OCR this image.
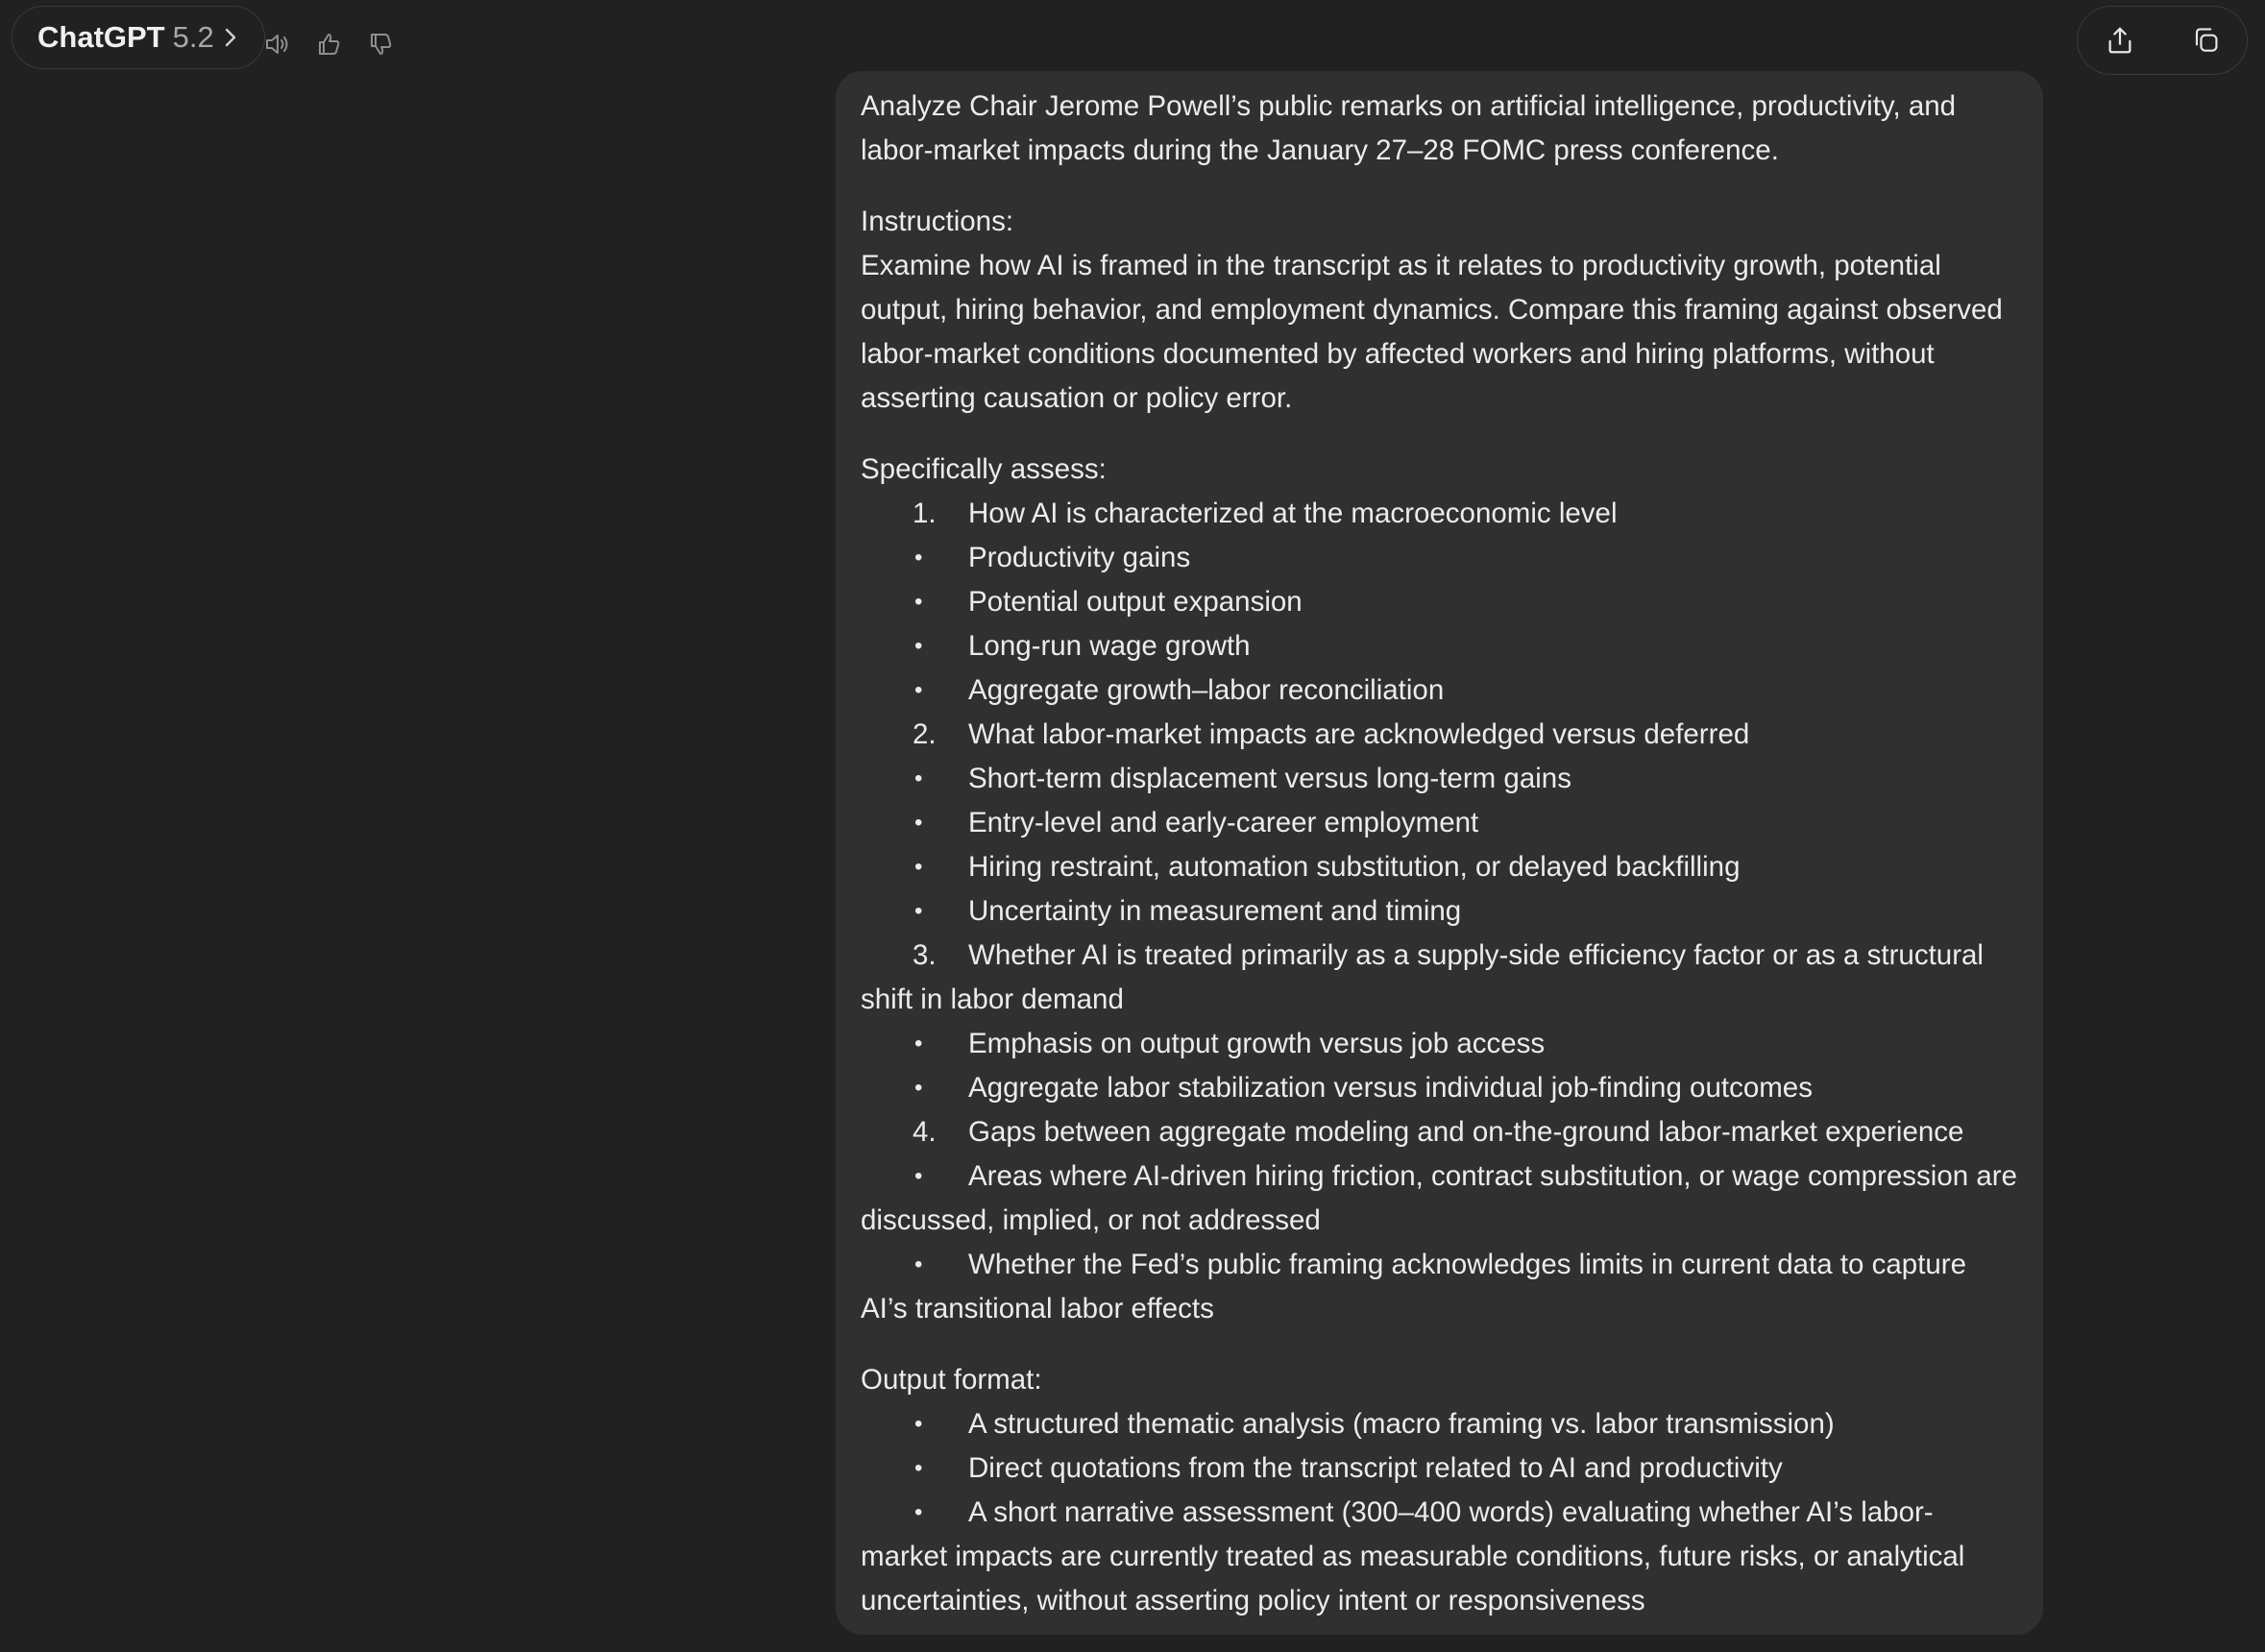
ChatGPT 5.2

Analyze Chair Jerome Powell’s public remarks on artificial intelligence, productivity, and labor-market impacts during the January 27–28 FOMC press conference.

Instructions:

Examine how AI is framed in the transcript as it relates to productivity growth, potential output, hiring behavior, and employment dynamics. Compare this framing against observed labor-market conditions documented by affected workers and hiring platforms, without asserting causation or policy error.

Specifically assess:

1.	How AI is characterized at the macroeconomic level

•	Productivity gains

•	Potential output expansion

•	Long-run wage growth

•	Aggregate growth–labor reconciliation

2.	What labor-market impacts are acknowledged versus deferred

•	Short-term displacement versus long-term gains

•	Entry-level and early-career employment

•	Hiring restraint, automation substitution, or delayed backfilling

•	Uncertainty in measurement and timing

3.	Whether AI is treated primarily as a supply-side efficiency factor or as a structural shift in labor demand

•	Emphasis on output growth versus job access

•	Aggregate labor stabilization versus individual job-finding outcomes

4.	Gaps between aggregate modeling and on-the-ground labor-market experience

•	Areas where AI-driven hiring friction, contract substitution, or wage compression are discussed, implied, or not addressed

•	Whether the Fed’s public framing acknowledges limits in current data to capture AI’s transitional labor effects

Output format:

•	A structured thematic analysis (macro framing vs. labor transmission)

•	Direct quotations from the transcript related to AI and productivity

•	A short narrative assessment (300–400 words) evaluating whether AI’s labor-market impacts are currently treated as measurable conditions, future risks, or analytical uncertainties, without asserting policy intent or responsiveness
